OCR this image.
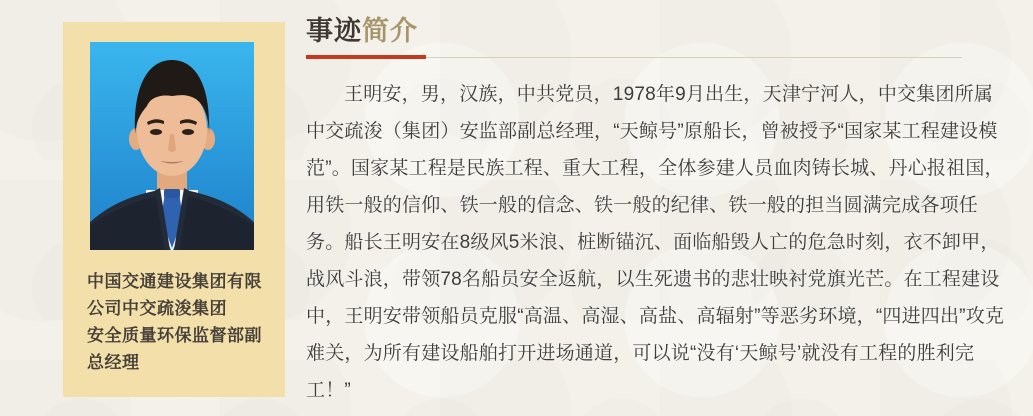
中国交通建设集团有限
公司中交疏浚集团
安全质量环保监督部副
总经理
事迹简介
王明安，男，汉族，中共党员，1978年9月出生，天津宁河人，中交集团所属
中交疏浚（集团）安监部副总经理，“天鲸号”原船长，曾被授予“国家某工程建设模
范”。国家某工程是民族工程、重大工程，全体参建人员血肉铸长城、丹心报祖国，
用铁一般的信仰、铁一般的信念、铁一般的纪律、铁一般的担当圆满完成各项任
务。船长王明安在8级风5米浪、桩断锚沉、面临船毁人亡的危急时刻，衣不卸甲，
战风斗浪，带领78名船员安全返航，以生死遗书的悲壮映衬党旗光芒。在工程建设
中，王明安带领船员克服“高温、高湿、高盐、高辐射”等恶劣环境，“四进四出”攻克
难关，为所有建设船舶打开进场通道，可以说“没有‘天鲸号’就没有工程的胜利完
工！”
